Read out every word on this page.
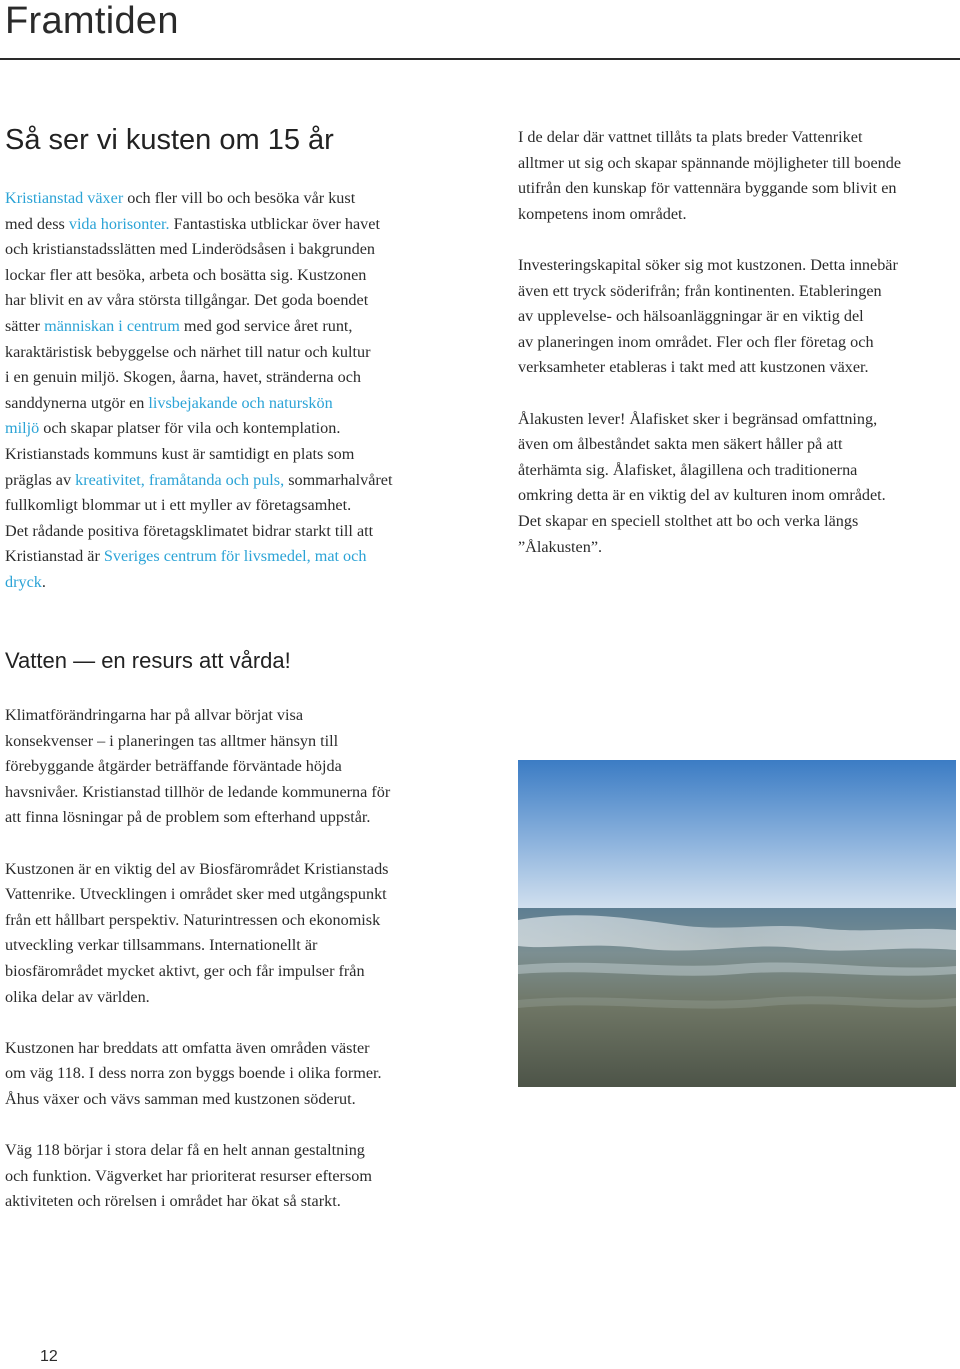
Framtiden
Så ser vi kusten om 15 år
Kristianstad växer och fler vill bo och besöka vår kust
med dess vida horisonter. Fantastiska utblickar över havet
och kristianstadsslätten med Linderödsåsen i bakgrunden
lockar fler att besöka, arbeta och bosätta sig. Kustzonen
har blivit en av våra största tillgångar. Det goda boendet
sätter människan i centrum med god service året runt,
karaktäristisk bebyggelse och närhet till natur och kultur
i en genuin miljö. Skogen, åarna, havet, stränderna och
sanddynerna utgör en livsbejakande och naturskön
miljö och skapar platser för vila och kontemplation.
Kristianstads kommuns kust är samtidigt en plats som
präglas av kreativitet, framåtanda och puls, sommarhalvåret
fullkomligt blommar ut i ett myller av företagsamhet.
Det rådande positiva företagsklimatet bidrar starkt till att
Kristianstad är Sveriges centrum för livsmedel, mat och
dryck.
I de delar där vattnet tillåts ta plats breder Vattenriket
alltmer ut sig och skapar spännande möjligheter till boende
utifrån den kunskap för vattennära byggande som blivit en
kompetens inom området.
Investeringskapital söker sig mot kustzonen. Detta innebär
även ett tryck söderifrån; från kontinenten. Etableringen
av upplevelse- och hälsoanläggningar är en viktig del
av planeringen inom området. Fler och fler företag och
verksamheter etableras i takt med att kustzonen växer.
Ålakusten lever! Ålafisket sker i begränsad omfattning,
även om ålbeståndet sakta men säkert håller på att
återhämta sig. Ålafisket, ålagillena och traditionerna
omkring detta är en viktig del av kulturen inom området.
Det skapar en speciell stolthet att bo och verka längs
”Ålakusten”.
Vatten — en resurs att vårda!
Klimatförändringarna har på allvar börjat visa
konsekvenser – i planeringen tas alltmer hänsyn till
förebyggande åtgärder beträffande förväntade höjda
havsnivåer. Kristianstad tillhör de ledande kommunerna för
att finna lösningar på de problem som efterhand uppstår.
Kustzonen är en viktig del av Biosfärområdet Kristianstads
Vattenrike. Utvecklingen i området sker med utgångspunkt
från ett hållbart perspektiv. Naturintressen och ekonomisk
utveckling verkar tillsammans. Internationellt är
biosfärområdet mycket aktivt, ger och får impulser från
olika delar av världen.
Kustzonen har breddats att omfatta även områden väster
om väg 118. I dess norra zon byggs boende i olika former.
Åhus växer och vävs samman med kustzonen söderut.
Väg 118 börjar i stora delar få en helt annan gestaltning
och funktion. Vägverket har prioriterat resurser eftersom
aktiviteten och rörelsen i området har ökat så starkt.
12
